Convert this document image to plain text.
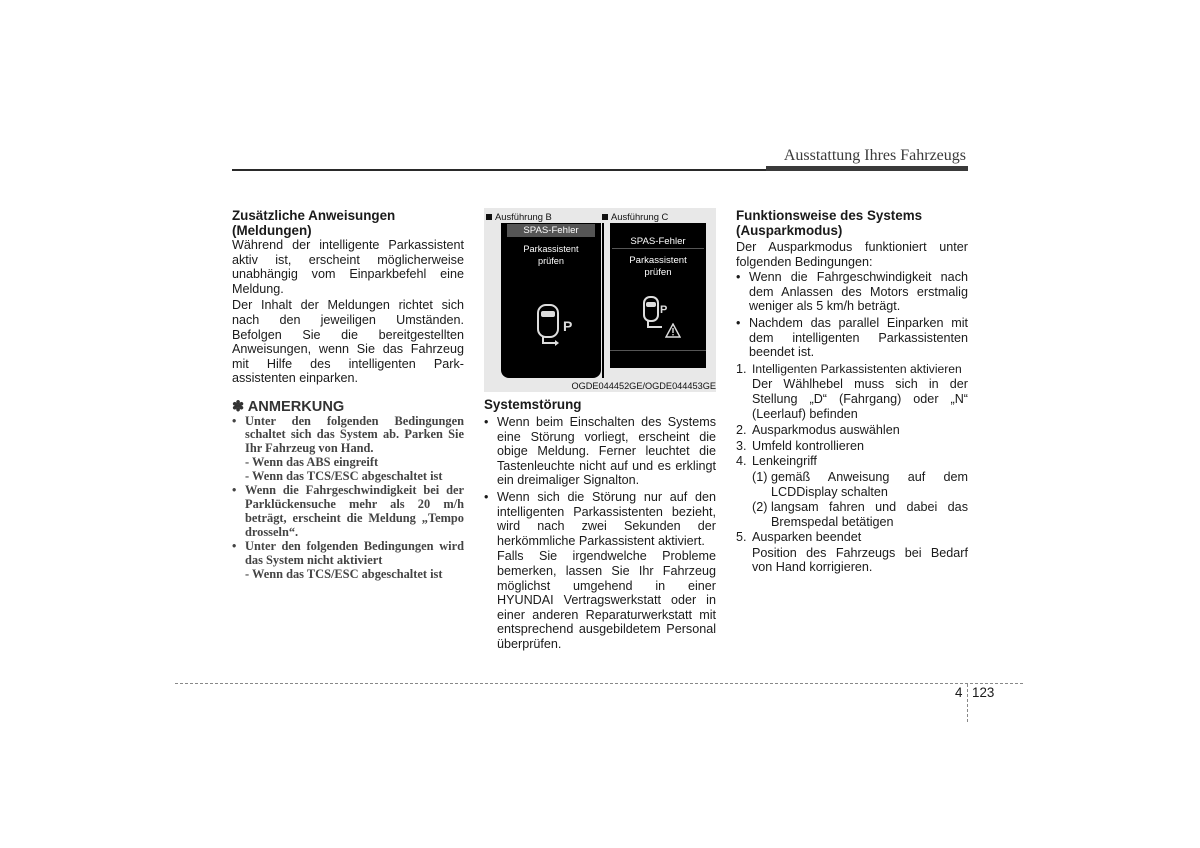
Ausstattung Ihres Fahrzeugs
Zusätzliche Anweisungen (Meldungen)

Während der intelligente Parkassistent aktiv ist, erscheint möglicherweise unabhängig vom Einparkbefehl eine Meldung.

Der Inhalt der Meldungen richtet sich nach den jeweiligen Umständen. Befolgen Sie die bereitgestellten Anweisungen, wenn Sie das Fahrzeug mit Hilfe des intelligenten Park-assistenten einparken.

✽ ANMERKUNG
• Unter den folgenden Bedingungen schaltet sich das System ab. Parken Sie Ihr Fahrzeug von Hand.
- Wenn das ABS eingreift
- Wenn das TCS/ESC abgeschaltet ist
• Wenn die Fahrgeschwindigkeit bei der Parklückensuche mehr als 20 m/h beträgt, erscheint die Meldung „Tempo drosseln“.
• Unter den folgenden Bedingungen wird das System nicht aktiviert
- Wenn das TCS/ESC abgeschaltet ist
Ausführung B	Ausführung C
SPAS-Fehler
Parkassistent
prüfen
P
SPAS-Fehler
Parkassistent
prüfen
P
OGDE044452GE/OGDE044453GE
Systemstörung
• Wenn beim Einschalten des Systems eine Störung vorliegt, erscheint die obige Meldung. Ferner leuchtet die Tastenleuchte nicht auf und es erklingt ein dreimaliger Signalton.
• Wenn sich die Störung nur auf den intelligenten Parkassistenten bezieht, wird nach zwei Sekunden der herkömmliche Parkassistent aktiviert.

Falls Sie irgendwelche Probleme bemerken, lassen Sie Ihr Fahrzeug möglichst umgehend in einer HYUNDAI Vertragswerkstatt oder in einer anderen Reparaturwerkstatt mit entsprechend ausgebildetem Personal überprüfen.

Funktionsweise des Systems (Ausparkmodus)

Der Ausparkmodus funktioniert unter folgenden Bedingungen:

• Wenn die Fahrgeschwindigkeit nach dem Anlassen des Motors erstmalig weniger als 5 km/h beträgt.
• Nachdem das parallel Einparken mit dem intelligenten Parkassistenten beendet ist.
1. Intelligenten Parkassistenten aktivieren

Der Wählhebel muss sich in der Stellung „D“ (Fahrgang) oder „N“ (Leerlauf) befinden

2. Ausparkmodus auswählen
3. Umfeld kontrollieren
4. Lenkeingriff
(1) gemäß Anweisung auf dem LCDDisplay schalten
(2) langsam fahren und dabei das Bremspedal betätigen
5. Ausparken beendet

Position des Fahrzeugs bei Bedarf von Hand korrigieren.

4 123
